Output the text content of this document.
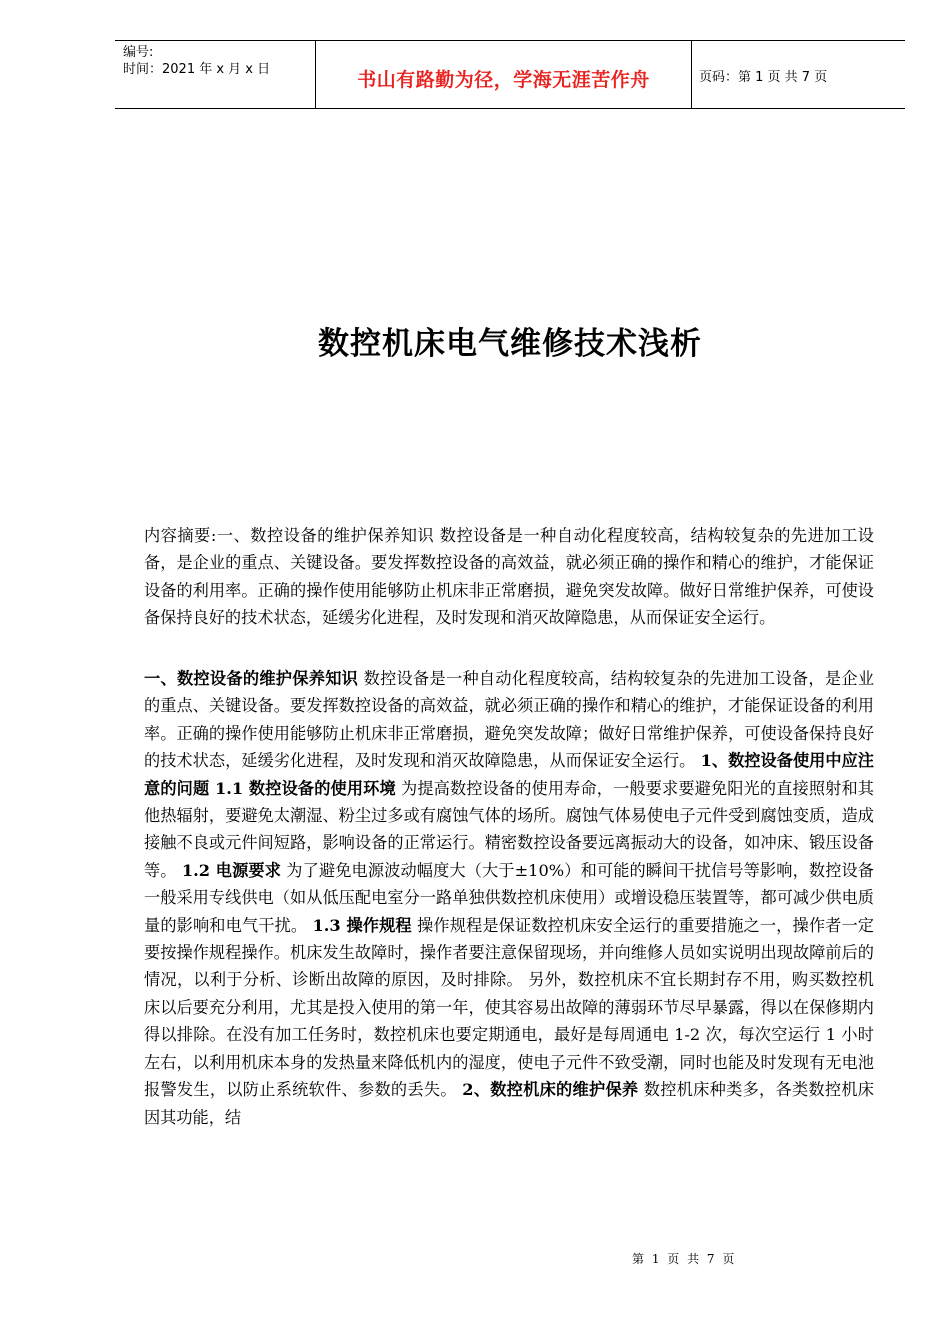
编号:
时间：2021 年 x 月 x 日	书山有路勤为径，学海无涯苦作舟	页码：第 1 页 共 7 页
数控机床电气维修技术浅析
内容摘要:一、数控设备的维护保养知识 数控设备是一种自动化程度较高，结构较复杂的先进加工设备，是企业的重点、关键设备。要发挥数控设备的高效益，就必须正确的操作和精心的维护，才能保证设备的利用率。正确的操作使用能够防止机床非正常磨损，避免突发故障。做好日常维护保养，可使设备保持良好的技术状态，延缓劣化进程，及时发现和消灭故障隐患，从而保证安全运行。
一、数控设备的维护保养知识 数控设备是一种自动化程度较高，结构较复杂的先进加工设备，是企业的重点、关键设备。要发挥数控设备的高效益，就必须正确的操作和精心的维护，才能保证设备的利用率。正确的操作使用能够防止机床非正常磨损，避免突发故障；做好日常维护保养，可使设备保持良好的技术状态，延缓劣化进程，及时发现和消灭故障隐患，从而保证安全运行。 1、数控设备使用中应注意的问题 1.1 数控设备的使用环境 为提高数控设备的使用寿命，一般要求要避免阳光的直接照射和其他热辐射，要避免太潮湿、粉尘过多或有腐蚀气体的场所。腐蚀气体易使电子元件受到腐蚀变质，造成接触不良或元件间短路，影响设备的正常运行。精密数控设备要远离振动大的设备，如冲床、锻压设备等。 1.2 电源要求 为了避免电源波动幅度大（大于±10%）和可能的瞬间干扰信号等影响，数控设备一般采用专线供电（如从低压配电室分一路单独供数控机床使用）或增设稳压装置等，都可减少供电质量的影响和电气干扰。 1.3 操作规程 操作规程是保证数控机床安全运行的重要措施之一，操作者一定要按操作规程操作。机床发生故障时，操作者要注意保留现场，并向维修人员如实说明出现故障前后的情况，以利于分析、诊断出故障的原因，及时排除。 另外，数控机床不宜长期封存不用，购买数控机床以后要充分利用，尤其是投入使用的第一年，使其容易出故障的薄弱环节尽早暴露，得以在保修期内得以排除。在没有加工任务时，数控机床也要定期通电，最好是每周通电 1-2 次，每次空运行 1 小时左右，以利用机床本身的发热量来降低机内的湿度，使电子元件不致受潮，同时也能及时发现有无电池报警发生，以防止系统软件、参数的丢失。 2、数控机床的维护保养 数控机床种类多，各类数控机床因其功能，结
第 1 页 共 7 页
